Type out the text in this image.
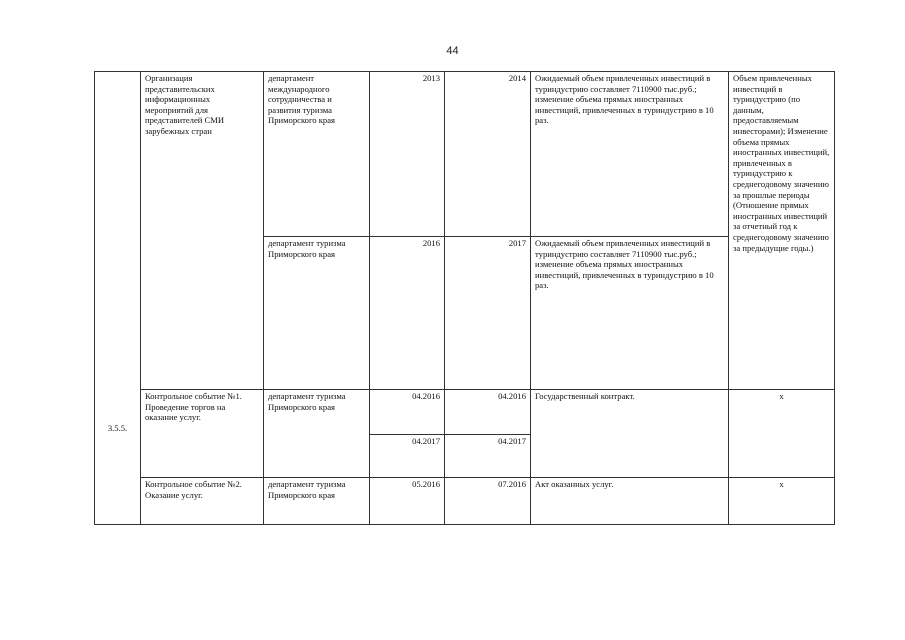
44
3.5.5.	Организация представительских информационных мероприятий для представителей СМИ зарубежных стран	департамент международного сотрудничества и развития туризма Приморского края	2013	2014	Ожидаемый объем привлеченных инвестиций в туриндустрию составляет 7110900 тыс.руб.; изменение объема прямых иностранных инвестиций, привлеченных в туриндустрию в 10 раз.	Объем привлеченных инвестиций в туриндустрию (по данным, предоставляемым инвесторами); Изменение объема прямых иностранных инвестиций, привлеченных в туриндустрию к среднегодовому значению за прошлые периоды (Отношение прямых иностранных инвестиций за отчетный год к среднегодовому значению за предыдущие годы.)
		департамент туризма Приморского края	2016	2017	Ожидаемый объем привлеченных инвестиций в туриндустрию составляет 7110900 тыс.руб.; изменение объема прямых иностранных инвестиций, привлеченных в туриндустрию в 10 раз.	
	Контрольное событие №1. Проведение торгов на оказание услуг.	департамент туризма Приморского края	04.2016	04.2016	Государственный контракт.	х
			04.2017	04.2017		
	Контрольное событие №2. Оказание услуг.	департамент туризма Приморского края	05.2016	07.2016	Акт оказанных услуг.	х
